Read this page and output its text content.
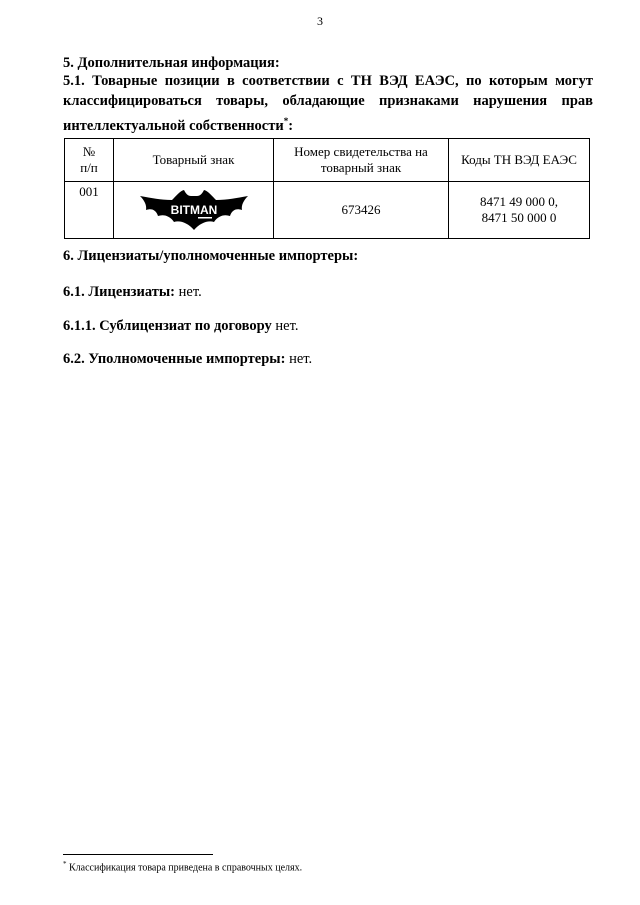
3
5. Дополнительная информация:
5.1. Товарные позиции в соответствии с ТН ВЭД ЕАЭС, по которым могут классифицироваться товары, обладающие признаками нарушения прав интеллектуальной собственности*:
№
п/п	Товарный знак	Номер свидетельства на товарный знак	Коды ТН ВЭД ЕАЭС
001	BITMAN	673426	8471 49 000 0,
8471 50 000 0
6. Лицензиаты/уполномоченные импортеры:
6.1. Лицензиаты: нет.
6.1.1. Сублицензиат по договору нет.
6.2. Уполномоченные импортеры: нет.
* Классификация товара приведена в справочных целях.
